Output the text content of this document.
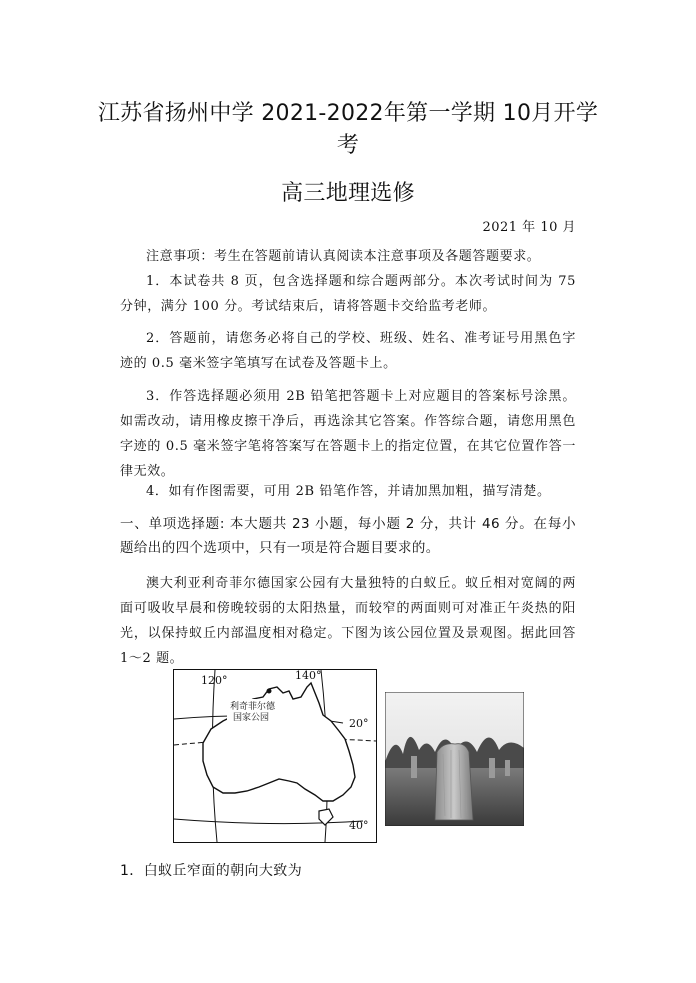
江苏省扬州中学 2021-2022年第一学期 10月开学
考
高三地理选修
2021 年 10 月
注意事项：考生在答题前请认真阅读本注意事项及各题答题要求。
1．本试卷共 8 页，包含选择题和综合题两部分。本次考试时间为 75 分钟，满分 100 分。考试结束后，请将答题卡交给监考老师。
2．答题前，请您务必将自己的学校、班级、姓名、准考证号用黑色字迹的 0.5 毫米签字笔填写在试卷及答题卡上。
3．作答选择题必须用 2B 铅笔把答题卡上对应题目的答案标号涂黑。如需改动，请用橡皮擦干净后，再选涂其它答案。作答综合题，请您用黑色字迹的 0.5 毫米签字笔将答案写在答题卡上的指定位置，在其它位置作答一律无效。
4．如有作图需要，可用 2B 铅笔作答，并请加黑加粗，描写清楚。
一、单项选择题: 本大题共 23 小题，每小题 2 分，共计 46 分。在每小题给出的四个选项中，只有一项是符合题目要求的。
澳大利亚利奇菲尔德国家公园有大量独特的白蚁丘。蚁丘相对宽阔的两面可吸收早晨和傍晚较弱的太阳热量，而较窄的两面则可对准正午炎热的阳光，以保持蚁丘内部温度相对稳定。下图为该公园位置及景观图。据此回答 1～2 题。
120°	140°
20°
40°
利奇菲尔德
国家公园
1．白蚁丘窄面的朝向大致为
